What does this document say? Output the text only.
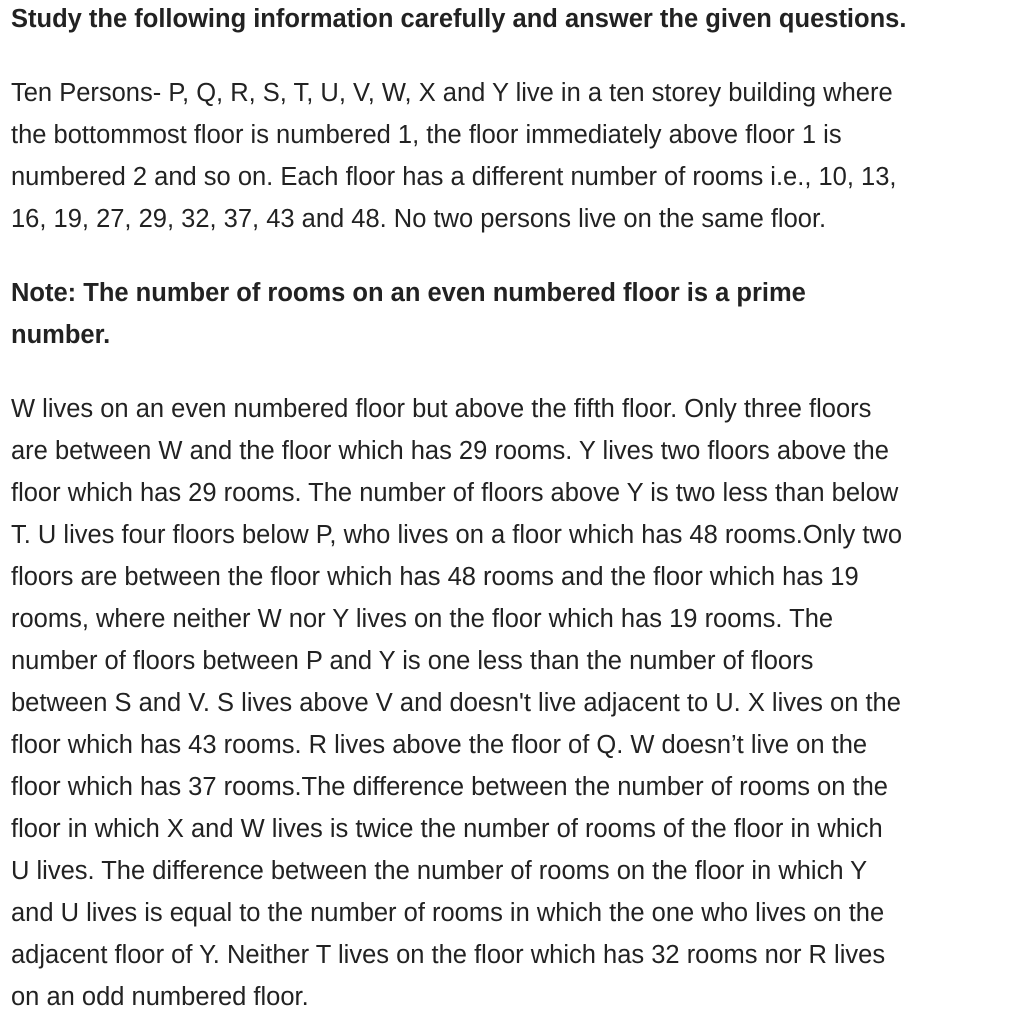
Study the following information carefully and answer the given questions.
Ten Persons- P, Q, R, S, T, U, V, W, X and Y live in a ten storey building where
the bottommost floor is numbered 1, the floor immediately above floor 1 is
numbered 2 and so on. Each floor has a different number of rooms i.e., 10, 13,
16, 19, 27, 29, 32, 37, 43 and 48. No two persons live on the same floor.
Note: The number of rooms on an even numbered floor is a prime
number.
W lives on an even numbered floor but above the fifth floor. Only three floors
are between W and the floor which has 29 rooms. Y lives two floors above the
floor which has 29 rooms. The number of floors above Y is two less than below
T. U lives four floors below P, who lives on a floor which has 48 rooms.Only two
floors are between the floor which has 48 rooms and the floor which has 19
rooms, where neither W nor Y lives on the floor which has 19 rooms. The
number of floors between P and Y is one less than the number of floors
between S and V. S lives above V and doesn't live adjacent to U. X lives on the
floor which has 43 rooms. R lives above the floor of Q. W doesn’t live on the
floor which has 37 rooms.The difference between the number of rooms on the
floor in which X and W lives is twice the number of rooms of the floor in which
U lives. The difference between the number of rooms on the floor in which Y
and U lives is equal to the number of rooms in which the one who lives on the
adjacent floor of Y. Neither T lives on the floor which has 32 rooms nor R lives
on an odd numbered floor.
